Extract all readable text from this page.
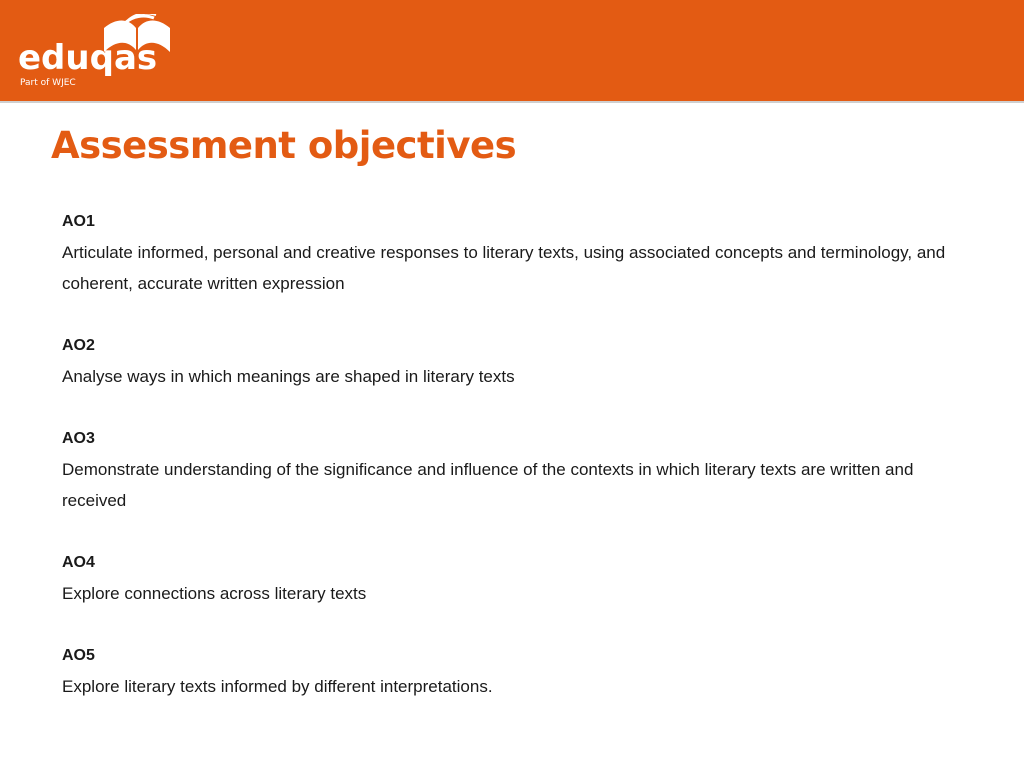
eduqas
Part of WJEC
Assessment objectives
AO1
Articulate informed, personal and creative responses to literary texts, using associated concepts and terminology, and coherent, accurate written expression
AO2
Analyse ways in which meanings are shaped in literary texts
AO3
Demonstrate understanding of the significance and influence of the contexts in which literary texts are written and received
AO4
Explore connections across literary texts
AO5
Explore literary texts informed by different interpretations.
